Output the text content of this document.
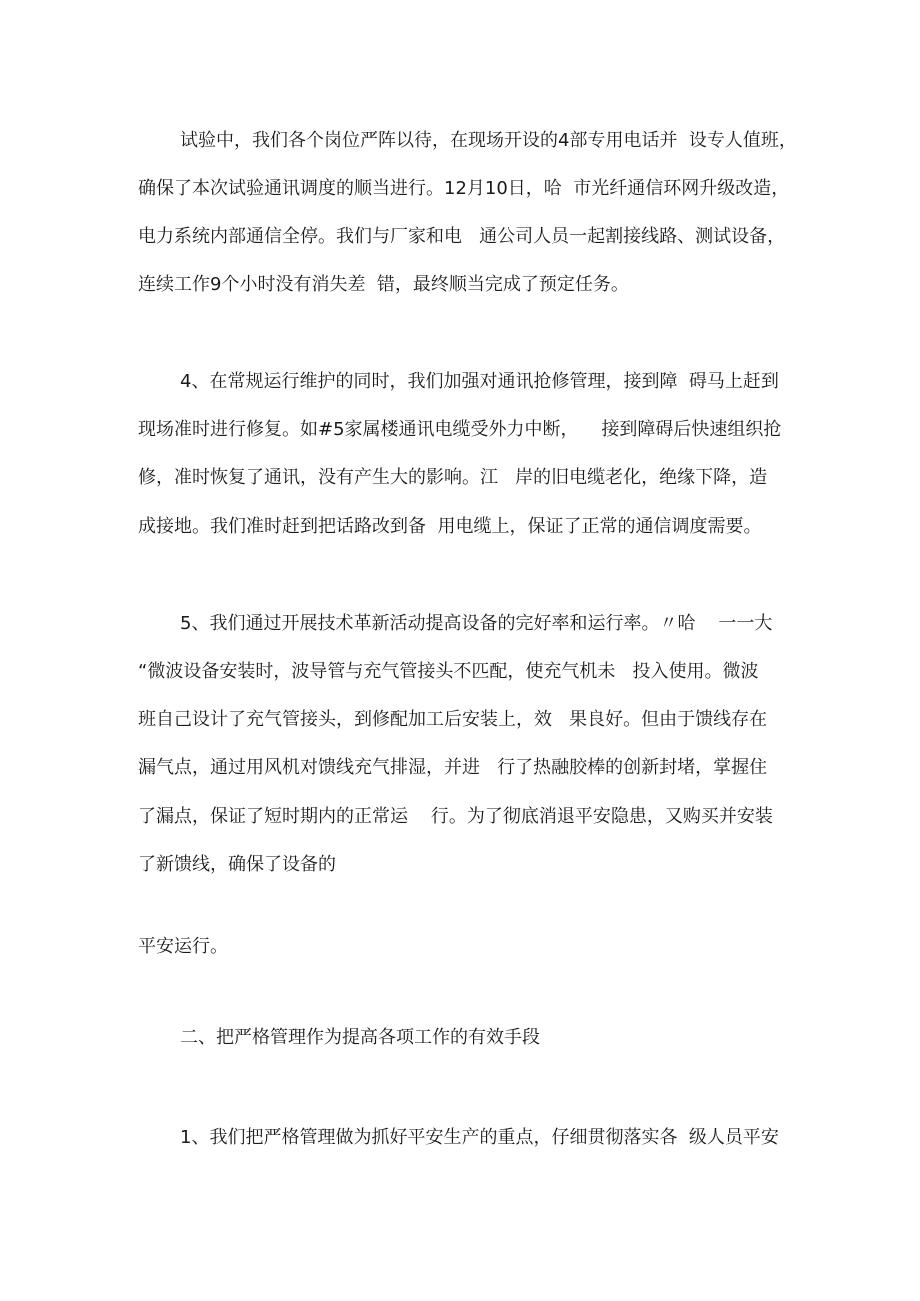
试验中，我们各个岗位严阵以待，在现场开设的4部专用电话并  设专人值班，

确保了本次试验通讯调度的顺当进行。12月10日，哈  市光纤通信环网升级改造，

电力系统内部通信全停。我们与厂家和电   通公司人员一起割接线路、测试设备，

连续工作9个小时没有消失差  错，最终顺当完成了预定任务。

4、在常规运行维护的同时，我们加强对通讯抢修管理，接到障  碍马上赶到

现场准时进行修复。如#5家属楼通讯电缆受外力中断，    接到障碍后快速组织抢

修，准时恢复了通讯，没有产生大的影响。江   岸的旧电缆老化，绝缘下降，造

成接地。我们准时赶到把话路改到备  用电缆上，保证了正常的通信调度需要。

5、我们通过开展技术革新活动提高设备的完好率和运行率。〃哈    一一大

“微波设备安装时，波导管与充气管接头不匹配，使充气机未   投入使用。微波

班自己设计了充气管接头，到修配加工后安装上，效   果良好。但由于馈线存在

漏气点，通过用风机对馈线充气排湿，并进   行了热融胶棒的创新封堵，掌握住

了漏点，保证了短时期内的正常运    行。为了彻底消退平安隐患，又购买并安装

了新馈线，确保了设备的

平安运行。

二、把严格管理作为提高各项工作的有效手段

1、我们把严格管理做为抓好平安生产的重点，仔细贯彻落实各  级人员平安
